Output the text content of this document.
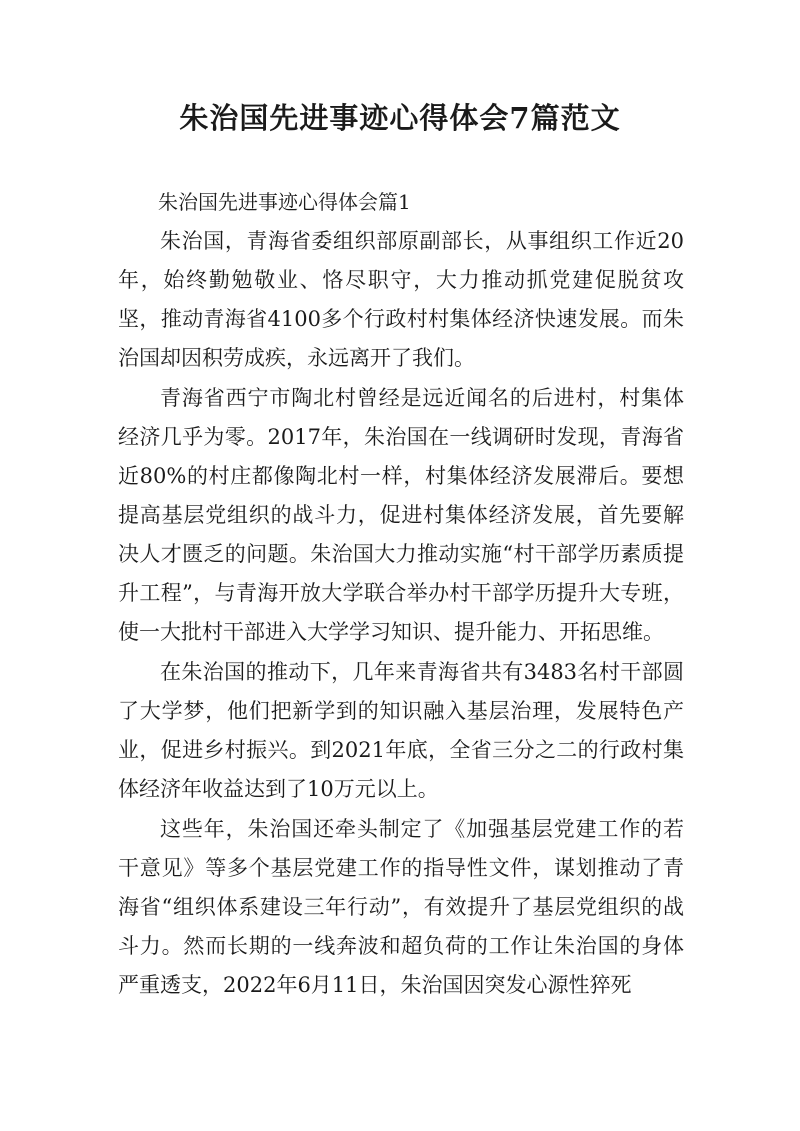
朱治国先进事迹心得体会7篇范文

朱治国先进事迹心得体会篇1

朱治国，青海省委组织部原副部长，从事组织工作近20年，始终勤勉敬业、恪尽职守，大力推动抓党建促脱贫攻坚，推动青海省4100多个行政村村集体经济快速发展。而朱治国却因积劳成疾，永远离开了我们。

青海省西宁市陶北村曾经是远近闻名的后进村，村集体经济几乎为零。2017年，朱治国在一线调研时发现，青海省近80%的村庄都像陶北村一样，村集体经济发展滞后。要想提高基层党组织的战斗力，促进村集体经济发展，首先要解决人才匮乏的问题。朱治国大力推动实施“村干部学历素质提升工程”，与青海开放大学联合举办村干部学历提升大专班，使一大批村干部进入大学学习知识、提升能力、开拓思维。

在朱治国的推动下，几年来青海省共有3483名村干部圆了大学梦，他们把新学到的知识融入基层治理，发展特色产业，促进乡村振兴。到2021年底，全省三分之二的行政村集体经济年收益达到了10万元以上。

这些年，朱治国还牵头制定了《加强基层党建工作的若干意见》等多个基层党建工作的指导性文件，谋划推动了青海省“组织体系建设三年行动”，有效提升了基层党组织的战斗力。然而长期的一线奔波和超负荷的工作让朱治国的身体严重透支，2022年6月11日，朱治国因突发心源性猝死
